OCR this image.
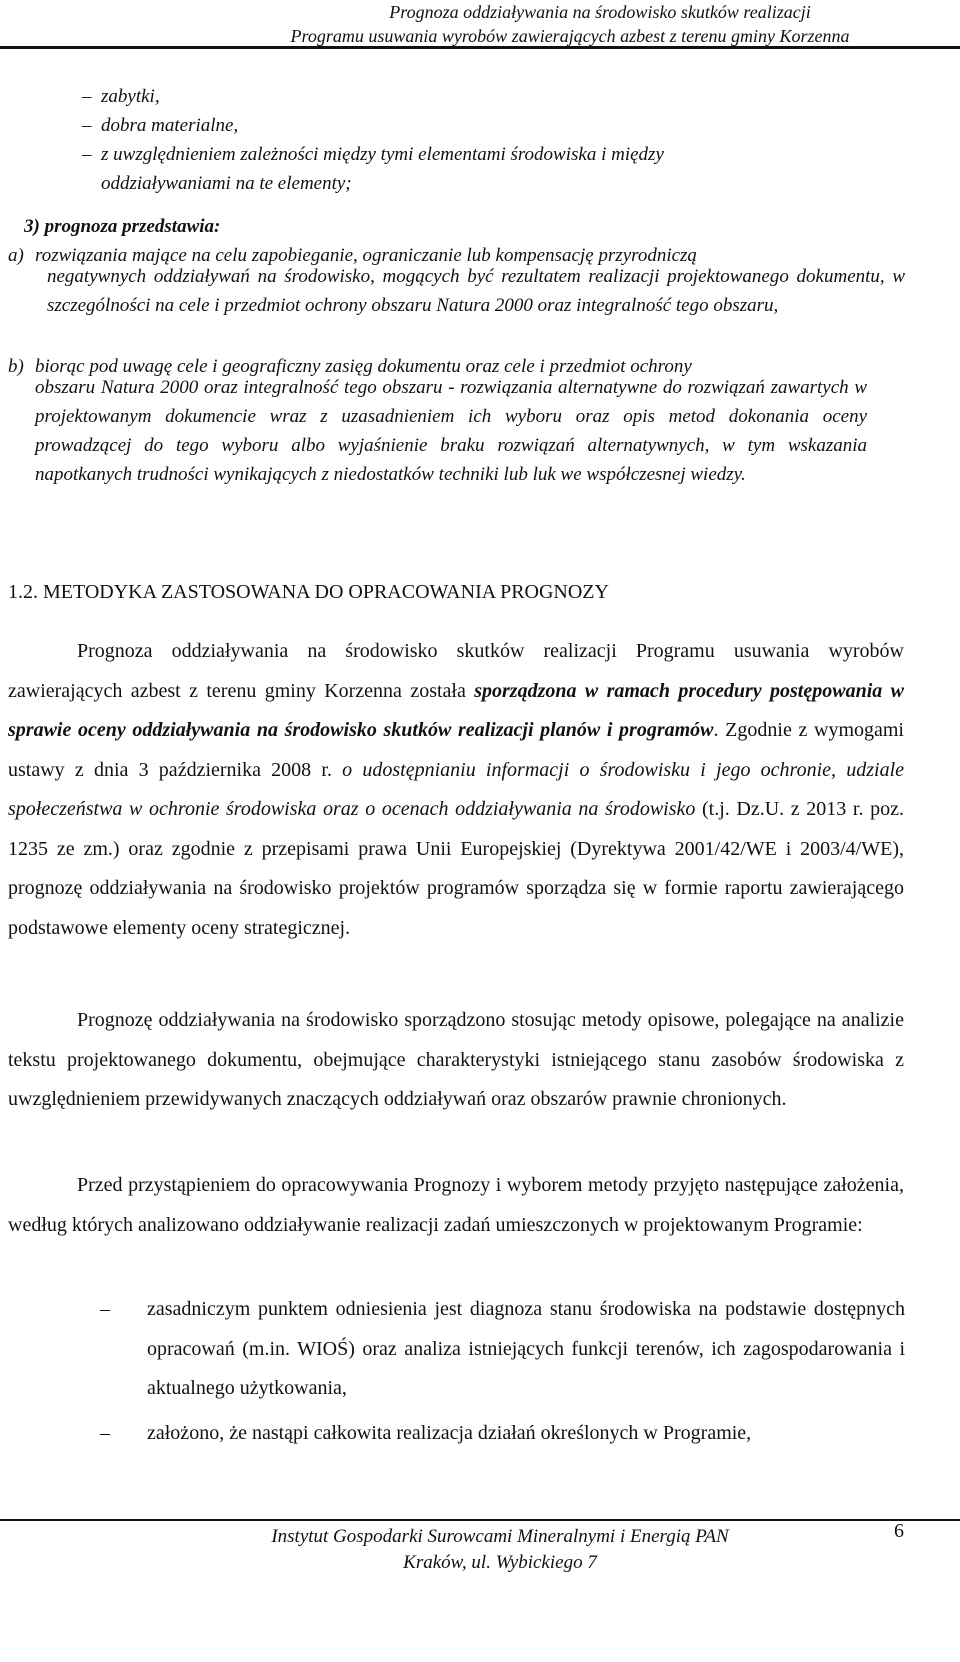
Prognoza oddziaływania na środowisko skutków realizacji
Programu usuwania wyrobów zawierających azbest z terenu gminy Korzenna
– zabytki,
– dobra materialne,
– z uwzględnieniem zależności między tymi elementami środowiska i między
oddziaływaniami na te elementy;
3) prognoza przedstawia:
a) rozwiązania mające na celu zapobieganie, ograniczanie lub kompensację przyrodniczą
negatywnych oddziaływań na środowisko, mogących być rezultatem realizacji projektowanego dokumentu, w szczególności na cele i przedmiot ochrony obszaru Natura 2000 oraz integralność tego obszaru,
b) biorąc pod uwagę cele i geograficzny zasięg dokumentu oraz cele i przedmiot ochrony
obszaru Natura 2000 oraz integralność tego obszaru - rozwiązania alternatywne do rozwiązań zawartych w projektowanym dokumencie wraz z uzasadnieniem ich wyboru oraz opis metod dokonania oceny prowadzącej do tego wyboru albo wyjaśnienie braku rozwiązań alternatywnych, w tym wskazania napotkanych trudności wynikających z niedostatków techniki lub luk we współczesnej wiedzy.
1.2. METODYKA ZASTOSOWANA DO OPRACOWANIA PROGNOZY

Prognoza oddziaływania na środowisko skutków realizacji Programu usuwania wyrobów zawierających azbest z terenu gminy Korzenna została sporządzona w ramach procedury postępowania w sprawie oceny oddziaływania na środowisko skutków realizacji planów i programów. Zgodnie z wymogami ustawy z dnia 3 października 2008 r. o udostępnianiu informacji o środowisku i jego ochronie, udziale społeczeństwa w ochronie środowiska oraz o ocenach oddziaływania na środowisko (t.j. Dz.U. z 2013 r. poz. 1235 ze zm.) oraz zgodnie z przepisami prawa Unii Europejskiej (Dyrektywa 2001/42/WE i 2003/4/WE), prognozę oddziaływania na środowisko projektów programów sporządza się w formie raportu zawierającego podstawowe elementy oceny strategicznej.

Prognozę oddziaływania na środowisko sporządzono stosując metody opisowe, polegające na analizie tekstu projektowanego dokumentu, obejmujące charakterystyki istniejącego stanu zasobów środowiska z uwzględnieniem przewidywanych znaczących oddziaływań oraz obszarów prawnie chronionych.

Przed przystąpieniem do opracowywania Prognozy i wyborem metody przyjęto następujące założenia, według których analizowano oddziaływanie realizacji zadań umieszczonych w projektowanym Programie:

– zasadniczym punktem odniesienia jest diagnoza stanu środowiska na podstawie dostępnych opracowań (m.in. WIOŚ) oraz analiza istniejących funkcji terenów, ich zagospodarowania i aktualnego użytkowania,
– założono, że nastąpi całkowita realizacja działań określonych w Programie,
Instytut Gospodarki Surowcami Mineralnymi i Energią PAN
Kraków, ul. Wybickiego 7
6
